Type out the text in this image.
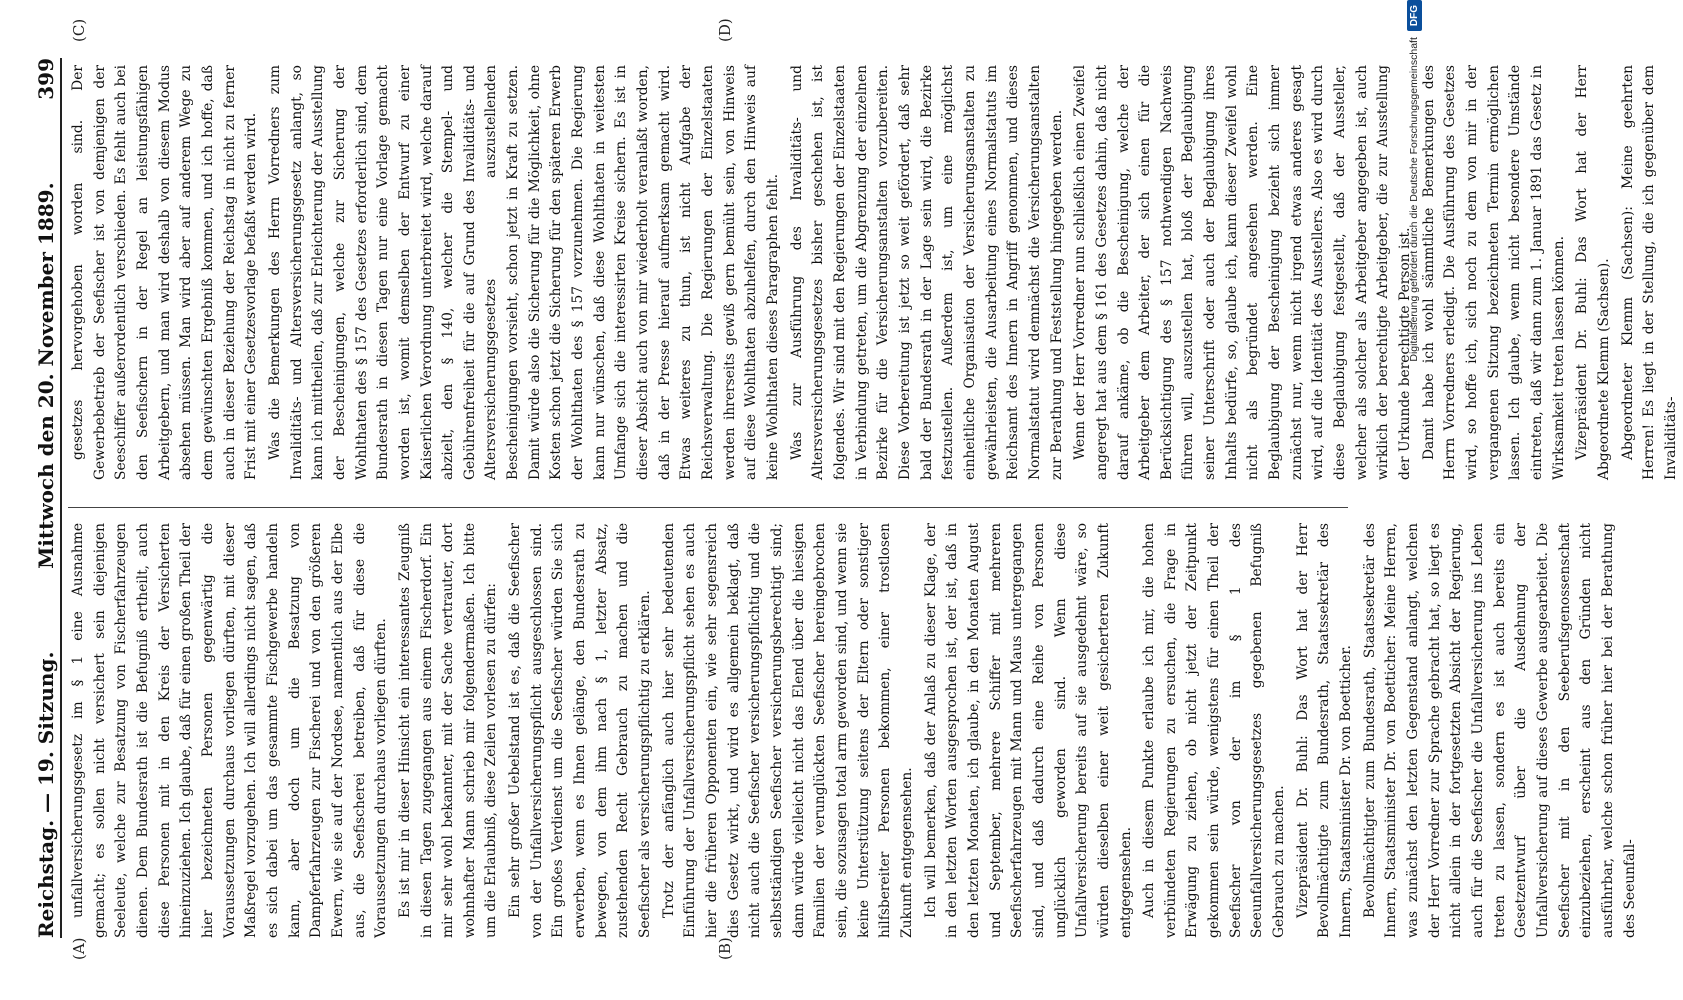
Reichstag. — 19. Sitzung.
Mittwoch den 20. November 1889.
399
(A)	(B)
(C)	(D)

unfallversicherungsgesetz im § 1 eine Ausnahme gemacht; es sollen nicht versichert sein diejenigen Seeleute, welche zur Besatzung von Fischerfahrzeugen dienen. Dem Bundesrath ist die Befugniß ertheilt, auch diese Personen mit in den Kreis der Versicherten hineinzuziehen. Ich glaube, daß für einen großen Theil der hier bezeichneten Personen gegenwärtig die Voraussetzungen durchaus vorliegen dürften, mit dieser Maßregel vorzugehen. Ich will allerdings nicht sagen, daß es sich dabei um das gesammte Fischgewerbe handeln kann, aber doch um die Besatzung von Dampferfahrzeugen zur Fischerei und von den größeren Ewern, wie sie auf der Nordsee, namentlich aus der Elbe aus, die Seefischerei betreiben, daß für diese die Voraussetzungen durchaus vorliegen dürften. Es ist mir in dieser Hinsicht ein interessantes Zeugniß in diesen Tagen zugegangen aus einem Fischerdorf. Ein mir sehr wohl bekannter, mit der Sache vertrauter, dort wohnhafter Mann schrieb mir folgendermaßen. Ich bitte um die Erlaubniß, diese Zeilen vorlesen zu dürfen: Ein sehr großer Uebelstand ist es, daß die Seefischer von der Unfallversicherungspflicht ausgeschlossen sind. Ein großes Verdienst um die Seefischer würden Sie sich erwerben, wenn es Ihnen gelänge, den Bundesrath zu bewegen, von dem ihm nach § 1, letzter Absatz, zustehenden Recht Gebrauch zu machen und die Seefischer als versicherungspflichtig zu erklären. Trotz der anfänglich auch hier sehr bedeutenden Einführung der Unfallversicherungspflicht sehen es auch hier die früheren Opponenten ein, wie sehr segensreich dies Gesetz wirkt, und wird es allgemein beklagt, daß nicht auch die Seefischer versicherungspflichtig und die selbstständigen Seefischer versicherungsberechtigt sind; dann würde vielleicht nicht das Elend über die hiesigen Familien der verunglückten Seefischer hereingebrochen sein, die sozusagen total arm geworden sind, und wenn sie keine Unterstützung seitens der Eltern oder sonstiger hilfsbereiter Personen bekommen, einer trostlosen Zukunft entgegensehen. Ich will bemerken, daß der Anlaß zu dieser Klage, der in den letzten Worten ausgesprochen ist, der ist, daß in den letzten Monaten, ich glaube, in den Monaten August und September, mehrere Schiffer mit mehreren Seefischerfahrzeugen mit Mann und Maus untergegangen sind, und daß dadurch eine Reihe von Personen unglücklich geworden sind. Wenn diese Unfallversicherung bereits auf sie ausgedehnt wäre, so würden dieselben einer weit gesicherteren Zukunft entgegensehen. Auch in diesem Punkte erlaube ich mir, die hohen verbündeten Regierungen zu ersuchen, die Frage in Erwägung zu ziehen, ob nicht jetzt der Zeitpunkt gekommen sein würde, wenigstens für einen Theil der Seefischer von der im § 1 des Seeunfallversicherungsgesetzes gegebenen Befugniß Gebrauch zu machen. Vizepräsident Dr. Buhl: Das Wort hat der Herr Bevollmächtigte zum Bundesrath, Staatssekretär des Innern, Staatsminister Dr. von Boetticher. Bevollmächtigter zum Bundesrath, Staatssekretär des Innern, Staatsminister Dr. von Boetticher: Meine Herren, was zunächst den letzten Gegenstand anlangt, welchen der Herr Vorredner zur Sprache gebracht hat, so liegt es nicht allein in der fortgesetzten Absicht der Regierung, auch für die Seefischer die Unfallversicherung ins Leben treten zu lassen, sondern es ist auch bereits ein Gesetzentwurf über die Ausdehnung der Unfallversicherung auf dieses Gewerbe ausgearbeitet. Die Seefischer mit in den Seeberufsgenossenschaft einzubeziehen, erscheint aus den Gründen nicht ausführbar, welche schon früher hier bei der Berathung des Seeunfall-

gesetzes hervorgehoben worden sind. Der Gewerbebetrieb der Seefischer ist von demjenigen der Seeschiffer außerordentlich verschieden. Es fehlt auch bei den Seefischern in der Regel an leistungsfähigen Arbeitgebern, und man wird deshalb von diesem Modus absehen müssen. Man wird aber auf anderem Wege zu dem gewünschten Ergebniß kommen, und ich hoffe, daß auch in dieser Beziehung der Reichstag in nicht zu ferner Frist mit einer Gesetzesvorlage befaßt werden wird. Was die Bemerkungen des Herrn Vorredners zum Invaliditäts- und Altersversicherungsgesetz anlangt, so kann ich mittheilen, daß zur Erleichterung der Ausstellung der Bescheinigungen, welche zur Sicherung der Wohlthaten des § 157 des Gesetzes erforderlich sind, dem Bundesrath in diesen Tagen nur eine Vorlage gemacht worden ist, womit demselben der Entwurf zu einer Kaiserlichen Verordnung unterbreitet wird, welche darauf abzielt, den § 140, welcher die Stempel- und Gebührenfreiheit für die auf Grund des Invaliditäts- und Altersversicherungsgesetzes auszustellenden Bescheinigungen vorsieht, schon jetzt in Kraft zu setzen. Damit würde also die Sicherung für die Möglichkeit, ohne Kosten schon jetzt die Sicherung für den späteren Erwerb der Wohlthaten des § 157 vorzunehmen. Die Regierung kann nur wünschen, daß diese Wohlthaten in weitesten Umfange sich die interessirten Kreise sichern. Es ist in dieser Absicht auch von mir wiederholt veranlaßt worden, daß in der Presse hierauf aufmerksam gemacht wird. Etwas weiteres zu thun, ist nicht Aufgabe der Reichsverwaltung. Die Regierungen der Einzelstaaten werden ihrerseits gewiß gern bemüht sein, von Hinweis auf diese Wohlthaten abzuhelfen, durch den Hinweis auf keine Wohlthaten dieses Paragraphen fehlt. Was zur Ausführung des Invaliditäts- und Altersversicherungsgesetzes bisher geschehen ist, ist folgendes. Wir sind mit den Regierungen der Einzelstaaten in Verbindung getreten, um die Abgrenzung der einzelnen Bezirke für die Versicherungsanstalten vorzubereiten. Diese Vorbereitung ist jetzt so weit gefördert, daß sehr bald der Bundesrath in der Lage sein wird, die Bezirke festzustellen. Außerdem ist, um eine möglichst einheitliche Organisation der Versicherungsanstalten zu gewährleisten, die Ausarbeitung eines Normalstatuts im Reichsamt des Innern in Angriff genommen, und dieses Normalstatut wird demnächst die Versicherungsanstalten zur Berathung und Feststellung hingegeben werden. Wenn der Herr Vorredner nun schließlich einen Zweifel angeregt hat aus dem § 161 des Gesetzes dahin, daß nicht darauf ankäme, ob die Bescheinigung, welche der Arbeitgeber dem Arbeiter, der sich einen für die Berücksichtigung des § 157 nothwendigen Nachweis führen will, auszustellen hat, bloß der Beglaubigung seiner Unterschrift oder auch der Beglaubigung ihres Inhalts bedürfe, so, glaube ich, kann dieser Zweifel wohl nicht als begründet angesehen werden. Eine Beglaubigung der Bescheinigung bezieht sich immer zunächst nur, wenn nicht irgend etwas anderes gesagt wird, auf die Identität des Ausstellers. Also es wird durch diese Beglaubigung festgestellt, daß der Aussteller, welcher als solcher als Arbeitgeber angegeben ist, auch wirklich der berechtigte Arbeitgeber, die zur Ausstellung der Urkunde berechtigte Person ist. Damit habe ich wohl sämmtliche Bemerkungen des Herrn Vorredners erledigt. Die Ausführung des Gesetzes wird, so hoffe ich, sich noch zu dem von mir in der vergangenen Sitzung bezeichneten Termin ermöglichen lassen. Ich glaube, wenn nicht besondere Umstände eintreten, daß wir dann zum 1. Januar 1891 das Gesetz in Wirksamkeit treten lassen können. Vizepräsident Dr. Buhl: Das Wort hat der Herr Abgeordnete Klemm (Sachsen). Abgeordneter Klemm (Sachsen): Meine geehrten Herren! Es liegt in der Stellung, die ich gegenüber dem Invaliditäts-

Digitalisierung gefördert durch die Deutsche Forschungsgemeinschaft
DFG
